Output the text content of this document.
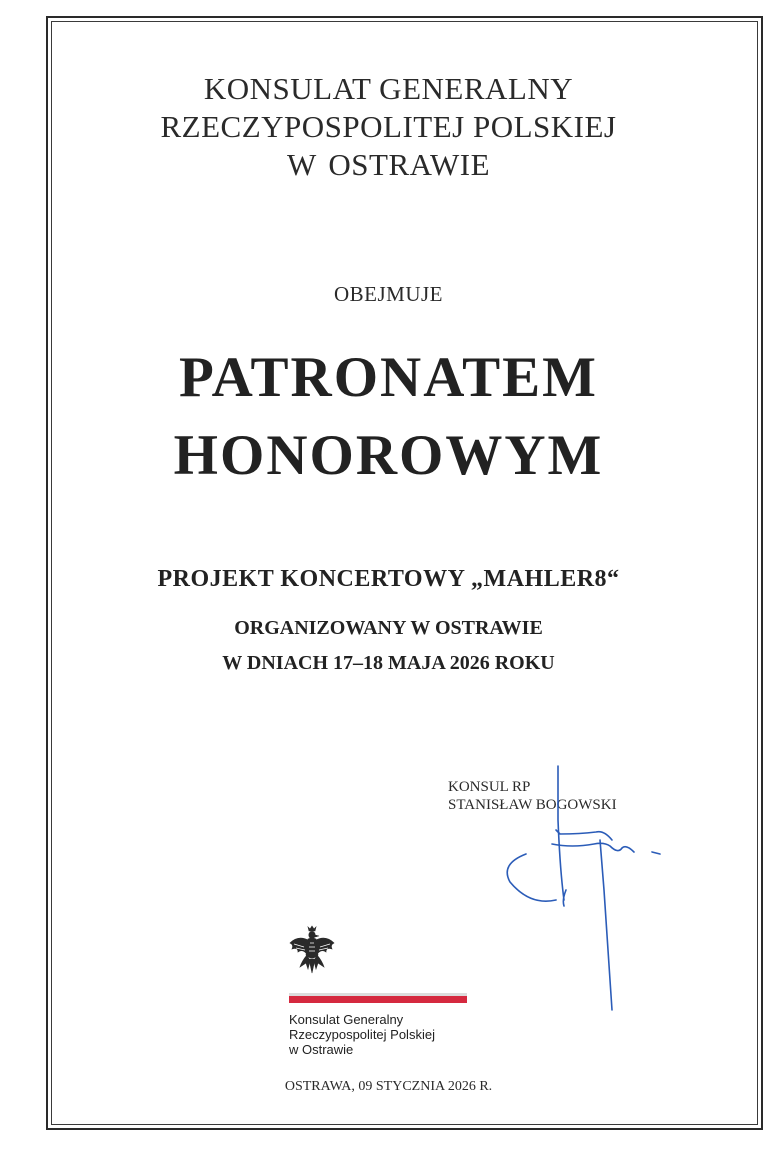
KONSULAT GENERALNY
RZECZYPOSPOLITEJ POLSKIEJ
W OSTRAWIE
OBEJMUJE
PATRONATEM
HONOROWYM
PROJEKT KONCERTOWY „MAHLER8“
ORGANIZOWANY W OSTRAWIE
W DNIACH 17–18 MAJA 2026 ROKU
KONSUL RP
STANISŁAW BOGOWSKI
Konsulat Generalny
Rzeczypospolitej Polskiej
w Ostrawie
OSTRAWA, 09 STYCZNIA 2026 R.
